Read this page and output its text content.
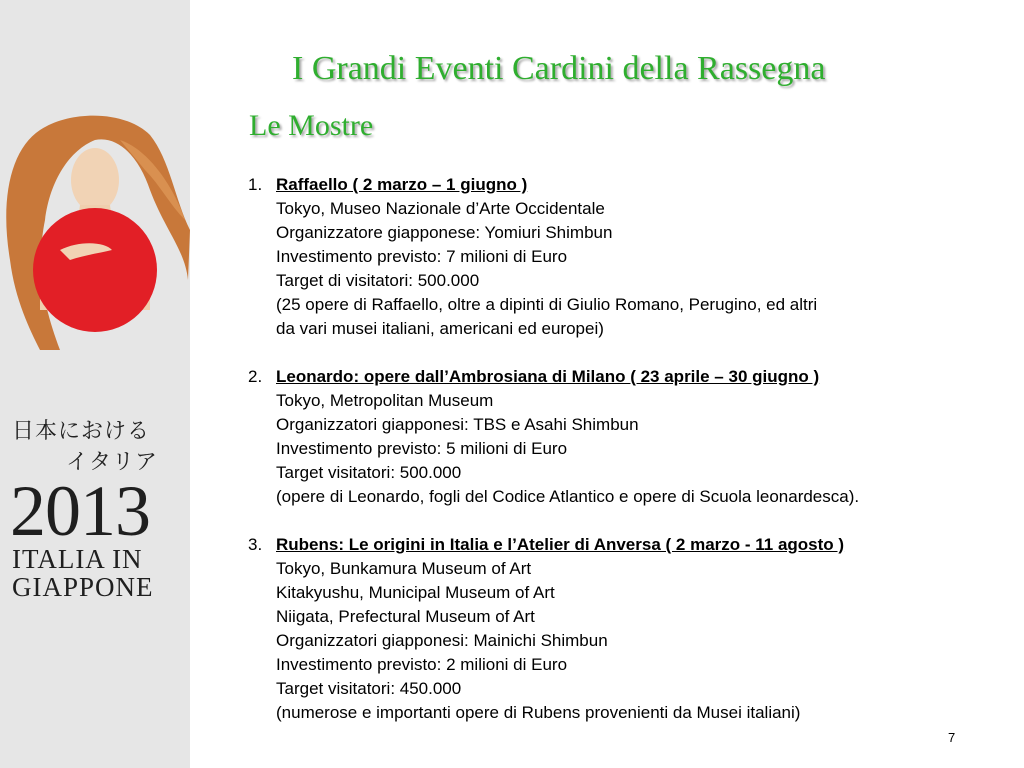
日本における
イタリア
2013
ITALIA IN
GIAPPONE
I Grandi Eventi Cardini della Rassegna
Le Mostre
1. Raffaello ( 2 marzo – 1 giugno )
Tokyo, Museo Nazionale d’Arte Occidentale
Organizzatore giapponese: Yomiuri Shimbun
Investimento previsto: 7 milioni di Euro
Target di visitatori: 500.000
(25 opere di Raffaello, oltre a dipinti di Giulio Romano, Perugino, ed altri
da vari musei italiani, americani ed europei)
2. Leonardo: opere dall’Ambrosiana di Milano ( 23 aprile – 30 giugno )
Tokyo, Metropolitan Museum
Organizzatori giapponesi: TBS e Asahi Shimbun
Investimento previsto: 5 milioni di Euro
Target visitatori: 500.000
(opere di Leonardo, fogli del Codice Atlantico e opere di Scuola leonardesca).
3. Rubens: Le origini in Italia e l’Atelier di Anversa ( 2 marzo - 11 agosto )
Tokyo, Bunkamura Museum of Art
Kitakyushu, Municipal Museum of Art
Niigata, Prefectural Museum of Art
Organizzatori giapponesi: Mainichi Shimbun
Investimento previsto: 2 milioni di Euro
Target visitatori: 450.000
(numerose e importanti opere di Rubens provenienti da Musei italiani)
7
